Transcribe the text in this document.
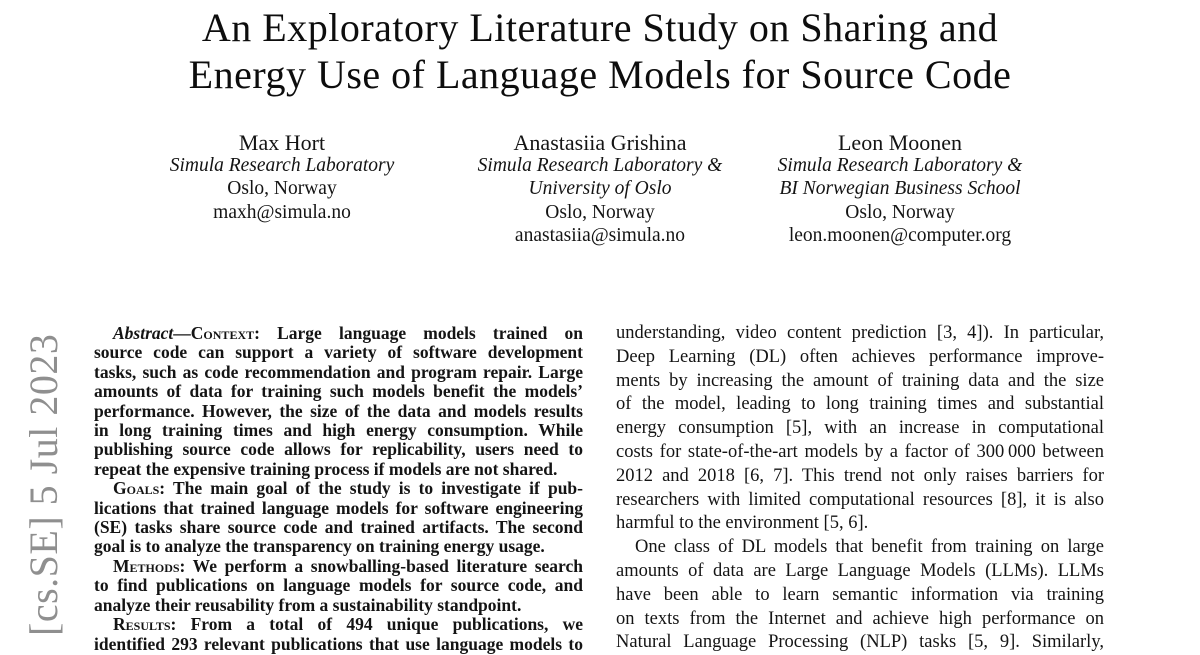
[cs.SE] 5 Jul 2023
An Exploratory Literature Study on Sharing and
Energy Use of Language Models for Source Code
Max Hort
Simula Research Laboratory
Oslo, Norway
maxh@simula.no
Anastasiia Grishina
Simula Research Laboratory &
University of Oslo
Oslo, Norway
anastasiia@simula.no
Leon Moonen
Simula Research Laboratory &
BI Norwegian Business School
Oslo, Norway
leon.moonen@computer.org
Abstract—Context: Large language models trained on
source code can support a variety of software development
tasks, such as code recommendation and program repair. Large
amounts of data for training such models benefit the models’
performance. However, the size of the data and models results
in long training times and high energy consumption. While
publishing source code allows for replicability, users need to
repeat the expensive training process if models are not shared.
Goals: The main goal of the study is to investigate if pub-
lications that trained language models for software engineering
(SE) tasks share source code and trained artifacts. The second
goal is to analyze the transparency on training energy usage.
Methods: We perform a snowballing-based literature search
to find publications on language models for source code, and
analyze their reusability from a sustainability standpoint.
Results: From a total of 494 unique publications, we
identified 293 relevant publications that use language models to
understanding, video content prediction [3, 4]). In particular,
Deep Learning (DL) often achieves performance improve-
ments by increasing the amount of training data and the size
of the model, leading to long training times and substantial
energy consumption [5], with an increase in computational
costs for state-of-the-art models by a factor of 300 000 between
2012 and 2018 [6, 7]. This trend not only raises barriers for
researchers with limited computational resources [8], it is also
harmful to the environment [5, 6].
One class of DL models that benefit from training on large
amounts of data are Large Language Models (LLMs). LLMs
have been able to learn semantic information via training
on texts from the Internet and achieve high performance on
Natural Language Processing (NLP) tasks [5, 9]. Similarly,
